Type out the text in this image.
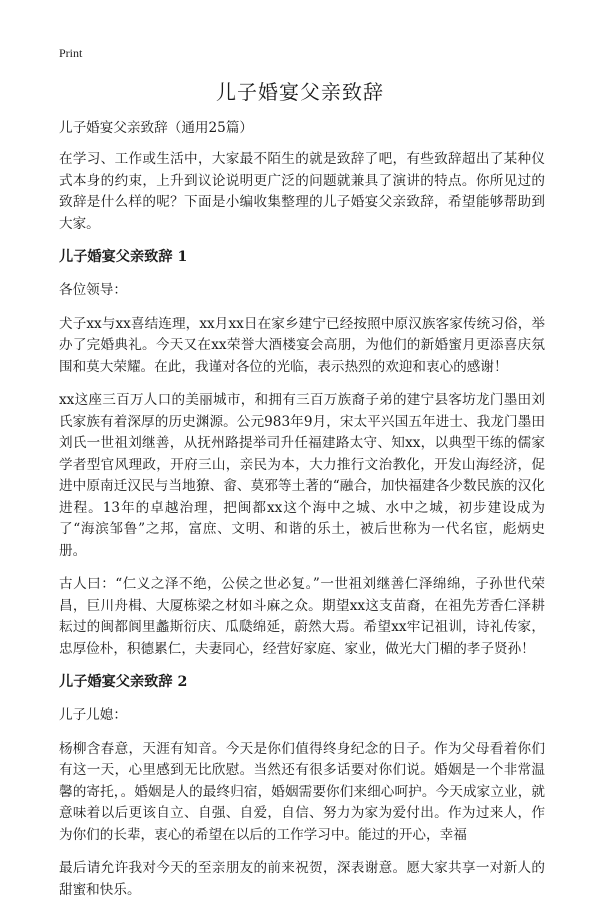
Print
儿子婚宴父亲致辞
儿子婚宴父亲致辞（通用25篇）

在学习、工作或生活中，大家最不陌生的就是致辞了吧，有些致辞超出了某种仪式本身的约束，上升到议论说明更广泛的问题就兼具了演讲的特点。你所见过的致辞是什么样的呢？下面是小编收集整理的儿子婚宴父亲致辞，希望能够帮助到大家。

儿子婚宴父亲致辞 1

各位领导：

犬子xx与xx喜结连理，xx月xx日在家乡建宁已经按照中原汉族客家传统习俗，举办了完婚典礼。今天又在xx荣誉大酒楼宴会高朋，为他们的新婚蜜月更添喜庆氛围和莫大荣耀。在此，我谨对各位的光临，表示热烈的欢迎和衷心的感谢！

xx这座三百万人口的美丽城市，和拥有三百万族裔子弟的建宁县客坊龙门墨田刘氏家族有着深厚的历史渊源。公元983年9月，宋太平兴国五年进士、我龙门墨田刘氏一世祖刘继善，从抚州路提举司升任福建路太守、知xx，以典型干练的儒家学者型官风理政，开府三山，亲民为本，大力推行文治教化，开发山海经济，促进中原南迁汉民与当地獠、畲、莫邪等土著的“融合，加快福建各少数民族的汉化进程。13年的卓越治理，把闽都xx这个海中之城、水中之城，初步建设成为了“海滨邹鲁”之邦，富庶、文明、和谐的乐土，被后世称为一代名宦，彪炳史册。

古人曰：“仁义之泽不绝，公侯之世必复。”一世祖刘继善仁泽绵绵，子孙世代荣昌，巨川舟楫、大厦栋梁之材如斗麻之众。期望xx这支苗裔，在祖先芳香仁泽耕耘过的闽都阆里蠡斯衍庆、瓜瓞绵延，蔚然大焉。希望xx牢记祖训，诗礼传家，忠厚俭朴，积德累仁，夫妻同心，经营好家庭、家业，做光大门楣的孝子贤孙！

儿子婚宴父亲致辞 2

儿子儿媳：

杨柳含春意，天涯有知音。今天是你们值得终身纪念的日子。作为父母看着你们有这一天，心里感到无比欣慰。当然还有很多话要对你们说。婚姻是一个非常温馨的寄托，。婚姻是人的最终归宿，婚姻需要你们来细心呵护。今天成家立业，就意味着以后更该自立、自强、自爱，自信、努力为家为爱付出。作为过来人，作为你们的长辈，衷心的希望在以后的工作学习中。能过的开心，幸福

最后请允许我对今天的至亲朋友的前来祝贺，深表谢意。愿大家共享一对新人的甜蜜和快乐。
